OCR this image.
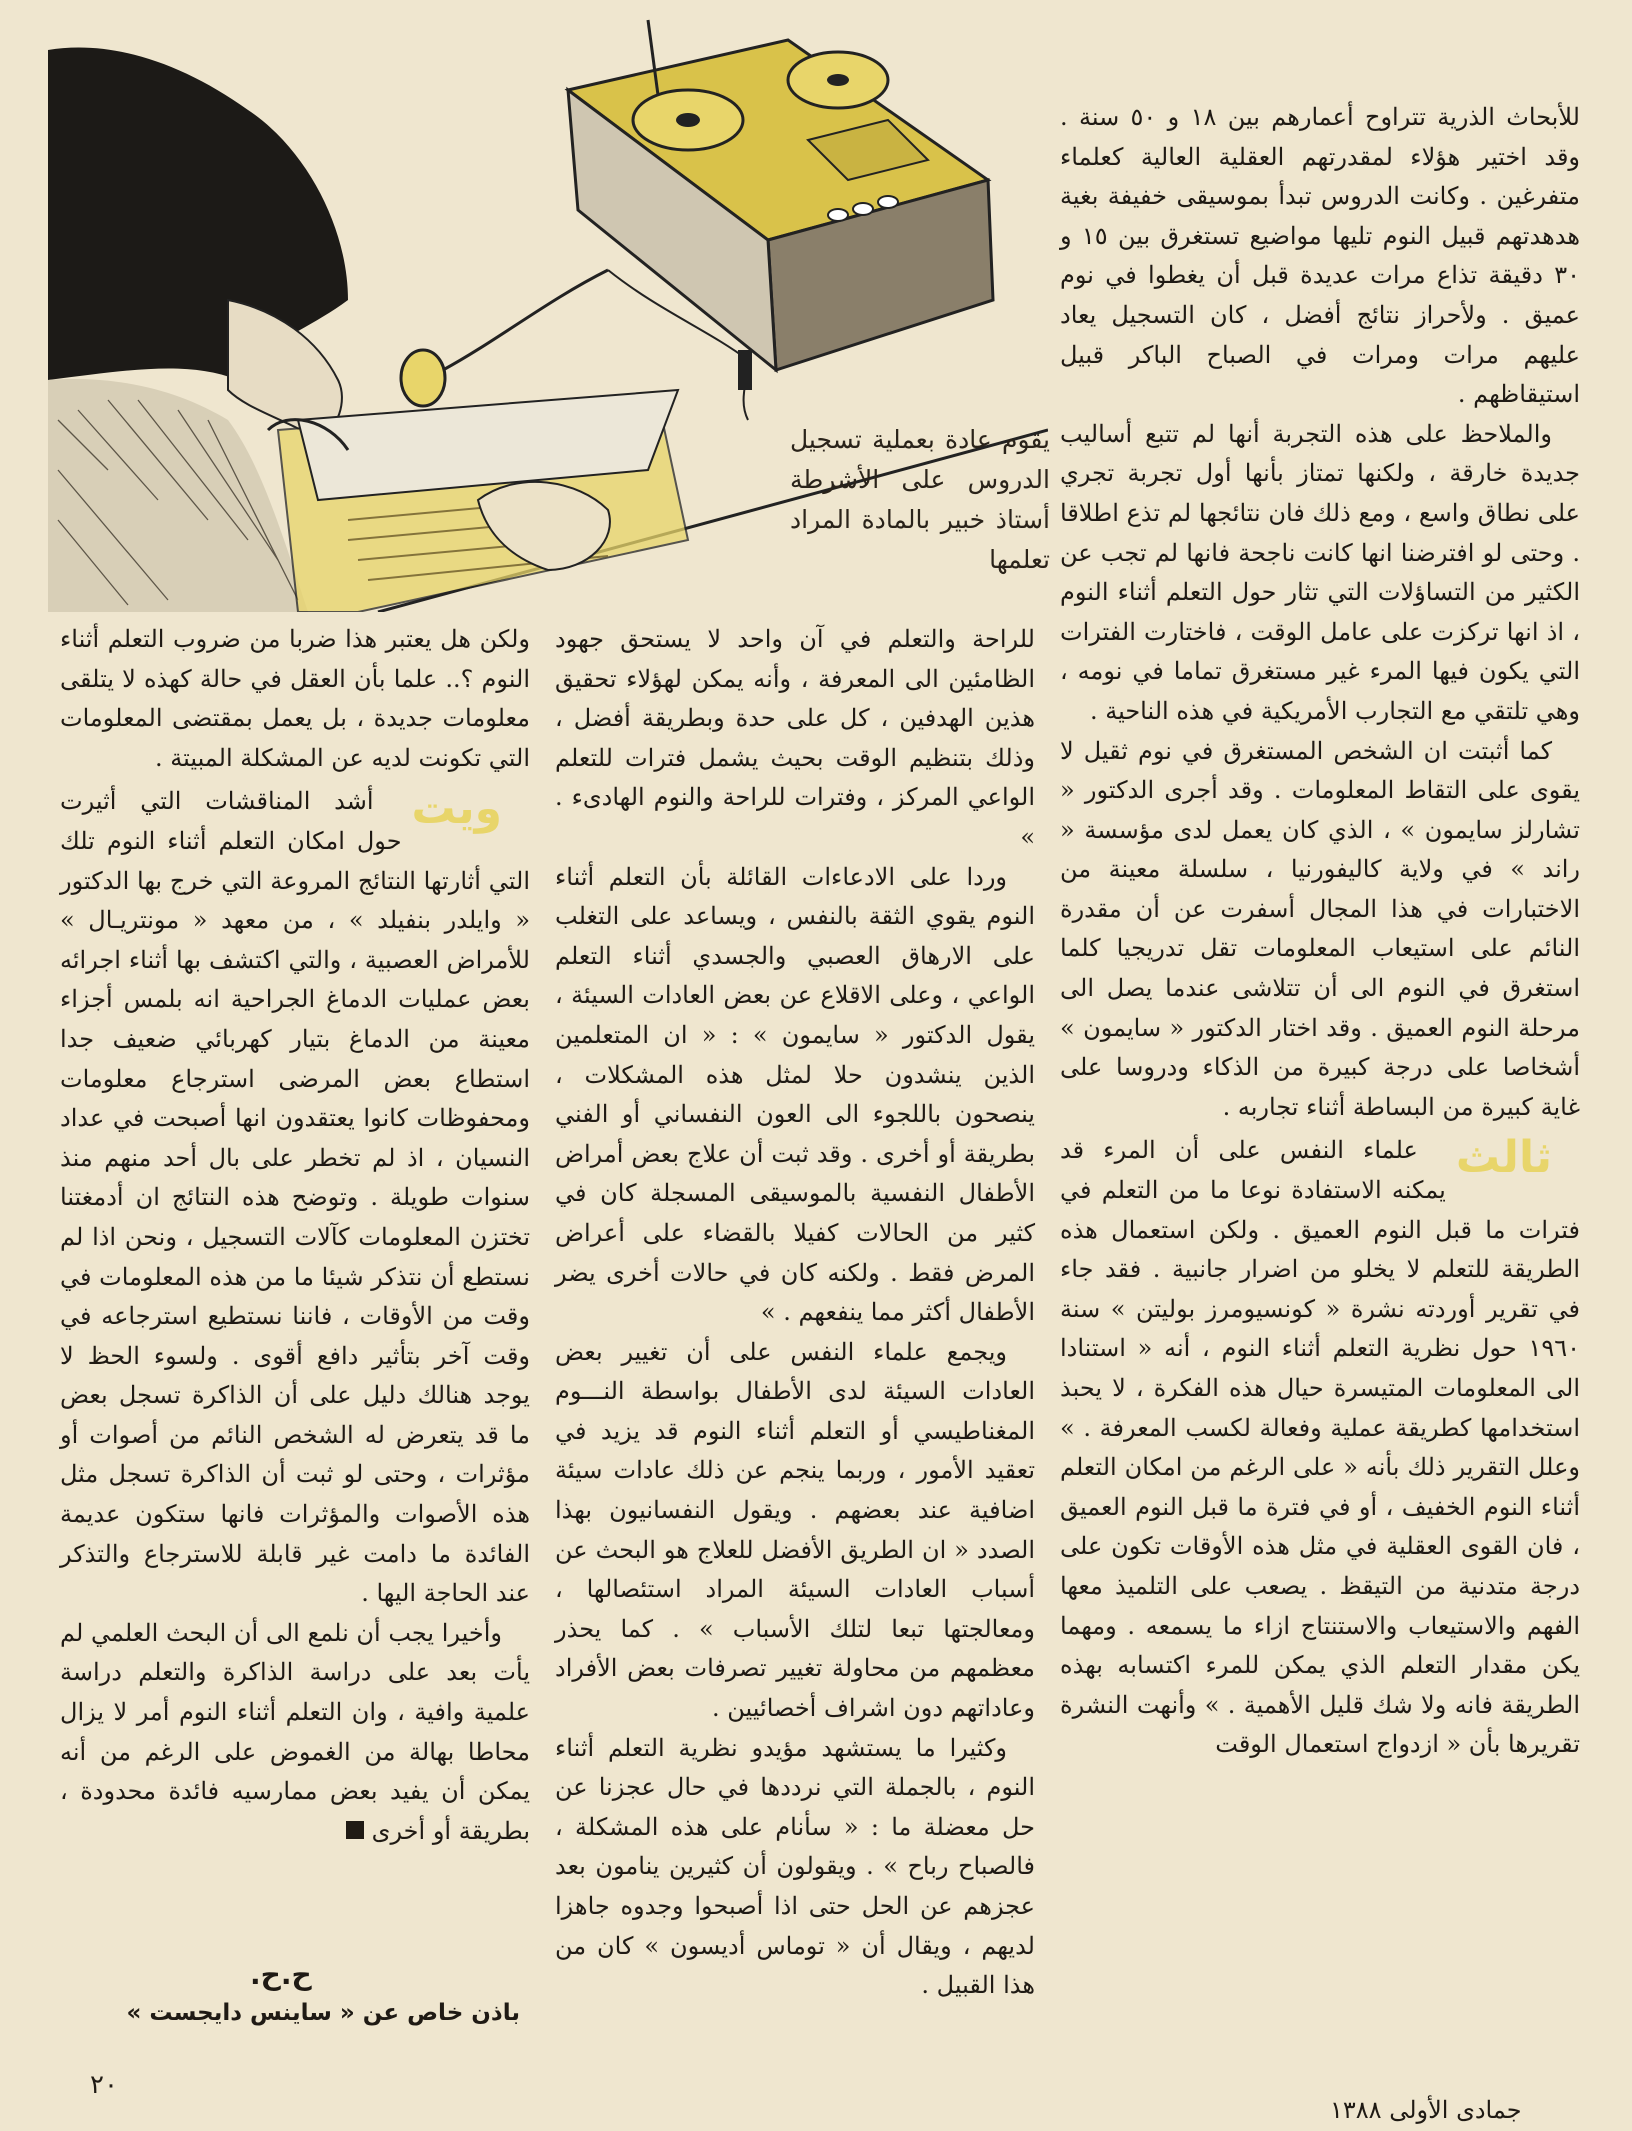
للأبحاث الذرية تتراوح أعمارهم بين ١٨ و ٥٠ سنة . وقد اختير هؤلاء لمقدرتهم العقلية العالية كعلماء متفرغين . وكانت الدروس تبدأ بموسيقى خفيفة بغية هدهدتهم قبيل النوم تليها مواضيع تستغرق بين ١٥ و ٣٠ دقيقة تذاع مرات عديدة قبل أن يغطوا في نوم عميق . ولأحراز نتائج أفضل ، كان التسجيل يعاد عليهم مرات ومرات في الصباح الباكر قبيل استيقاظهم .

والملاحظ على هذه التجربة أنها لم تتبع أساليب جديدة خارقة ، ولكنها تمتاز بأنها أول تجربة تجري على نطاق واسع ، ومع ذلك فان نتائجها لم تذع اطلاقا . وحتى لو افترضنا انها كانت ناجحة فانها لم تجب عن الكثير من التساؤلات التي تثار حول التعلم أثناء النوم ، اذ انها تركزت على عامل الوقت ، فاختارت الفترات التي يكون فيها المرء غير مستغرق تماما في نومه ، وهي تلتقي مع التجارب الأمريكية في هذه الناحية .

كما أثبتت ان الشخص المستغرق في نوم ثقيل لا يقوى على التقاط المعلومات . وقد أجرى الدكتور « تشارلز سايمون » ، الذي كان يعمل لدى مؤسسة « راند » في ولاية كاليفورنيا ، سلسلة معينة من الاختبارات في هذا المجال أسفرت عن أن مقدرة النائم على استيعاب المعلومات تقل تدريجيا كلما استغرق في النوم الى أن تتلاشى عندما يصل الى مرحلة النوم العميق . وقد اختار الدكتور « سايمون » أشخاصا على درجة كبيرة من الذكاء ودروسا على غاية كبيرة من البساطة أثناء تجاربه .

ثالث
علماء النفس على أن المرء قد يمكنه الاستفادة نوعا ما من التعلم في فترات ما قبل النوم العميق . ولكن استعمال هذه الطريقة للتعلم لا يخلو من اضرار جانبية . فقد جاء في تقرير أوردته نشرة « كونسيومرز بوليتن » سنة ١٩٦٠ حول نظرية التعلم أثناء النوم ، أنه « استنادا الى المعلومات المتيسرة حيال هذه الفكرة ، لا يحبذ استخدامها كطريقة عملية وفعالة لكسب المعرفة . » وعلل التقرير ذلك بأنه « على الرغم من امكان التعلم أثناء النوم الخفيف ، أو في فترة ما قبل النوم العميق ، فان القوى العقلية في مثل هذه الأوقات تكون على درجة متدنية من التيقظ . يصعب على التلميذ معها الفهم والاستيعاب والاستنتاج ازاء ما يسمعه . ومهما يكن مقدار التعلم الذي يمكن للمرء اكتسابه بهذه الطريقة فانه ولا شك قليل الأهمية . » وأنهت النشرة تقريرها بأن « ازدواج استعمال الوقت

يقوم عادة بعملية تسجيل الدروس على الأشرطة أستاذ خبير بالمادة المراد تعلمها

للراحة والتعلم في آن واحد لا يستحق جهود الظامئين الى المعرفة ، وأنه يمكن لهؤلاء تحقيق هذين الهدفين ، كل على حدة وبطريقة أفضل ، وذلك بتنظيم الوقت بحيث يشمل فترات للتعلم الواعي المركز ، وفترات للراحة والنوم الهادىء . »

وردا على الادعاءات القائلة بأن التعلم أثناء النوم يقوي الثقة بالنفس ، ويساعد على التغلب على الارهاق العصبي والجسدي أثناء التعلم الواعي ، وعلى الاقلاع عن بعض العادات السيئة ، يقول الدكتور « سايمون » : « ان المتعلمين الذين ينشدون حلا لمثل هذه المشكلات ، ينصحون باللجوء الى العون النفساني أو الفني بطريقة أو أخرى . وقد ثبت أن علاج بعض أمراض الأطفال النفسية بالموسيقى المسجلة كان في كثير من الحالات كفيلا بالقضاء على أعراض المرض فقط . ولكنه كان في حالات أخرى يضر الأطفال أكثر مما ينفعهم . »

ويجمع علماء النفس على أن تغيير بعض العادات السيئة لدى الأطفال بواسطة النـــوم المغناطيسي أو التعلم أثناء النوم قد يزيد في تعقيد الأمور ، وربما ينجم عن ذلك عادات سيئة اضافية عند بعضهم . ويقول النفسانيون بهذا الصدد « ان الطريق الأفضل للعلاج هو البحث عن أسباب العادات السيئة المراد استئصالها ، ومعالجتها تبعا لتلك الأسباب » . كما يحذر معظمهم من محاولة تغيير تصرفات بعض الأفراد وعاداتهم دون اشراف أخصائيين .

وكثيرا ما يستشهد مؤيدو نظرية التعلم أثناء النوم ، بالجملة التي نرددها في حال عجزنا عن حل معضلة ما : « سأنام على هذه المشكلة ، فالصباح رباح » . ويقولون أن كثيرين ينامون بعد عجزهم عن الحل حتى اذا أصبحوا وجدوه جاهزا لديهم ، ويقال أن « توماس أديسون » كان من هذا القبيل .

ولكن هل يعتبر هذا ضربا من ضروب التعلم أثناء النوم ؟.. علما بأن العقل في حالة كهذه لا يتلقى معلومات جديدة ، بل يعمل بمقتضى المعلومات التي تكونت لديه عن المشكلة المبيتة .

ويت
أشد المناقشات التي أثيرت حول امكان التعلم أثناء النوم تلك التي أثارتها النتائج المروعة التي خرج بها الدكتور « وايلدر بنفيلد » ، من معهد « مونتريـال » للأمراض العصبية ، والتي اكتشف بها أثناء اجرائه بعض عمليات الدماغ الجراحية انه بلمس أجزاء معينة من الدماغ بتيار كهربائي ضعيف جدا استطاع بعض المرضى استرجاع معلومات ومحفوظات كانوا يعتقدون انها أصبحت في عداد النسيان ، اذ لم تخطر على بال أحد منهم منذ سنوات طويلة . وتوضح هذه النتائج ان أدمغتنا تختزن المعلومات كآلات التسجيل ، ونحن اذا لم نستطع أن نتذكر شيئا ما من هذه المعلومات في وقت من الأوقات ، فاننا نستطيع استرجاعه في وقت آخر بتأثير دافع أقوى . ولسوء الحظ لا يوجد هنالك دليل على أن الذاكرة تسجل بعض ما قد يتعرض له الشخص النائم من أصوات أو مؤثرات ، وحتى لو ثبت أن الذاكرة تسجل مثل هذه الأصوات والمؤثرات فانها ستكون عديمة الفائدة ما دامت غير قابلة للاسترجاع والتذكر عند الحاجة اليها .

وأخيرا يجب أن نلمع الى أن البحث العلمي لم يأت بعد على دراسة الذاكرة والتعلم دراسة علمية وافية ، وان التعلم أثناء النوم أمر لا يزال محاطا بهالة من الغموض على الرغم من أنه يمكن أن يفيد بعض ممارسيه فائدة محدودة ، بطريقة أو أخرى

ح.ح.
باذن خاص عن « ساينس دايجست »
٢٠
جمادى الأولى ١٣٨٨
